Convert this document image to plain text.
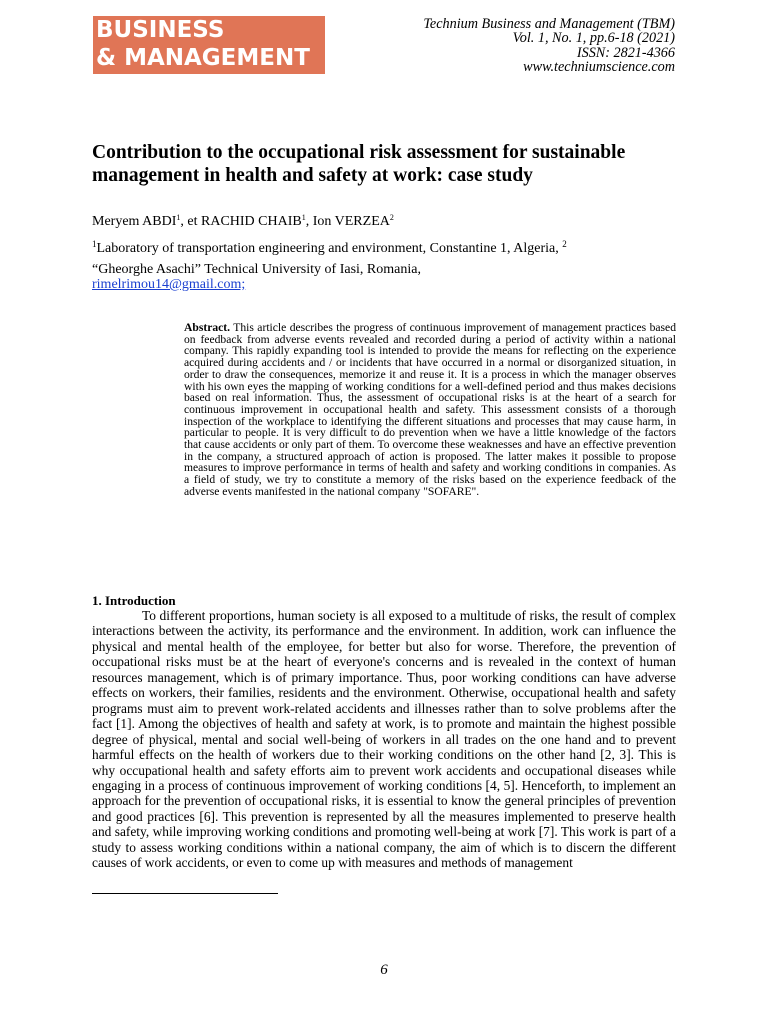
BUSINESS
& MANAGEMENT
Technium Business and Management (TBM)
Vol. 1, No. 1, pp.6-18 (2021)
ISSN: 2821-4366
www.techniumscience.com
Contribution to the occupational risk assessment for sustainable management in health and safety at work: case study
Meryem ABDI$^1$, et RACHID CHAIB$^1$, Ion VERZEA$^2$
$^1$Laboratory of transportation engineering and environment, Constantine 1, Algeria, $^2$
“Gheorghe Asachi” Technical University of Iasi, Romania,
rimelrimou14@gmail.com;

Abstract. This article describes the progress of continuous improvement of management practices based on feedback from adverse events revealed and recorded during a period of activity within a national company. This rapidly expanding tool is intended to provide the means for reflecting on the experience acquired during accidents and / or incidents that have occurred in a normal or disorganized situation, in order to draw the consequences, memorize it and reuse it. It is a process in which the manager observes with his own eyes the mapping of working conditions for a well-defined period and thus makes decisions based on real information. Thus, the assessment of occupational risks is at the heart of a search for continuous improvement in occupational health and safety. This assessment consists of a thorough inspection of the workplace to identifying the different situations and processes that may cause harm, in particular to people. It is very difficult to do prevention when we have a little knowledge of the factors that cause accidents or only part of them. To overcome these weaknesses and have an effective prevention in the company, a structured approach of action is proposed. The latter makes it possible to propose measures to improve performance in terms of health and safety and working conditions in companies. As a field of study, we try to constitute a memory of the risks based on the experience feedback of the adverse events manifested in the national company "SOFARE".

1. Introduction

To different proportions, human society is all exposed to a multitude of risks, the result of complex interactions between the activity, its performance and the environment. In addition, work can influence the physical and mental health of the employee, for better but also for worse. Therefore, the prevention of occupational risks must be at the heart of everyone's concerns and is revealed in the context of human resources management, which is of primary importance. Thus, poor working conditions can have adverse effects on workers, their families, residents and the environment. Otherwise, occupational health and safety programs must aim to prevent work-related accidents and illnesses rather than to solve problems after the fact [1]. Among the objectives of health and safety at work, is to promote and maintain the highest possible degree of physical, mental and social well-being of workers in all trades on the one hand and to prevent harmful effects on the health of workers due to their working conditions on the other hand [2, 3]. This is why occupational health and safety efforts aim to prevent work accidents and occupational diseases while engaging in a process of continuous improvement of working conditions [4, 5]. Henceforth, to implement an approach for the prevention of occupational risks, it is essential to know the general principles of prevention and good practices [6]. This prevention is represented by all the measures implemented to preserve health and safety, while improving working conditions and promoting well-being at work [7]. This work is part of a study to assess working conditions within a national company, the aim of which is to discern the different causes of work accidents, or even to come up with measures and methods of management

6
